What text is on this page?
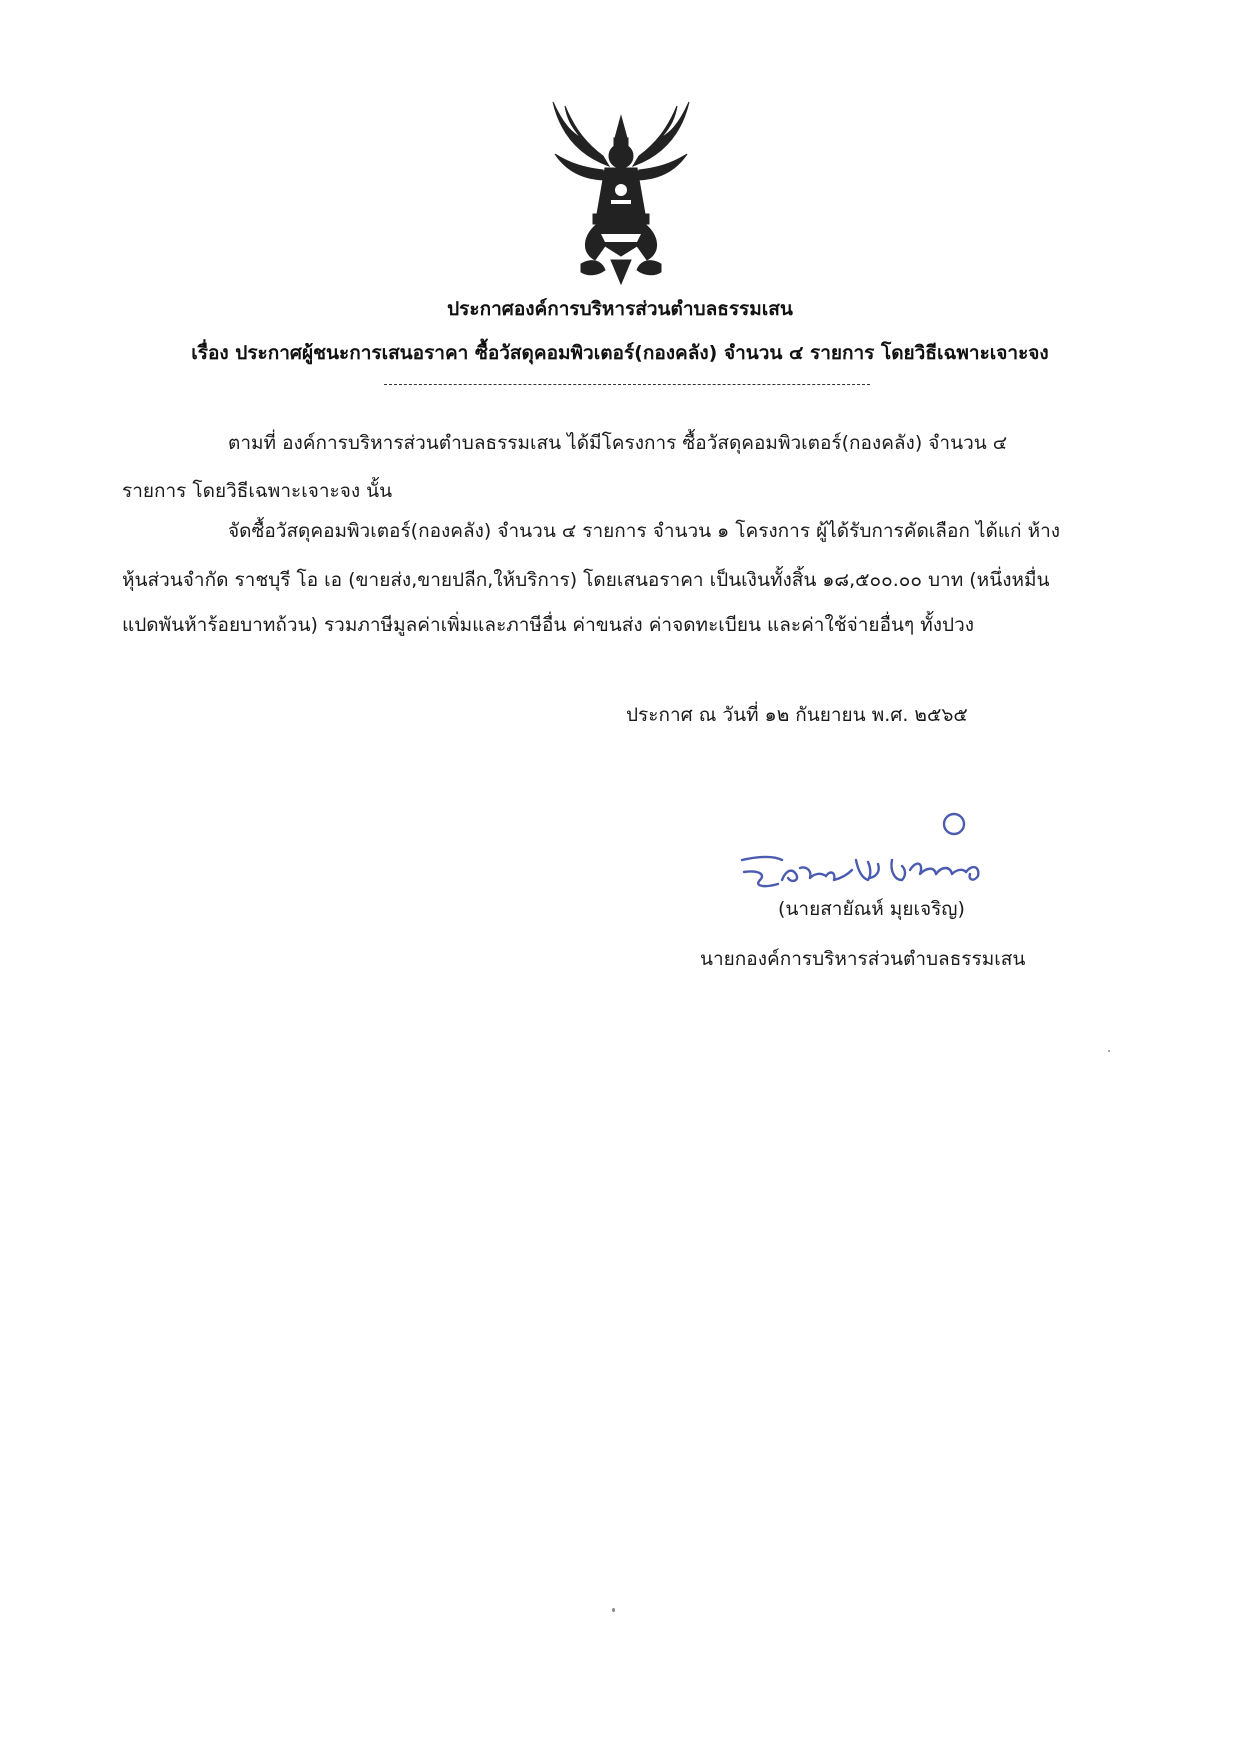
ประกาศองค์การบริหารส่วนตำบลธรรมเสน
เรื่อง ประกาศผู้ชนะการเสนอราคา ซื้อวัสดุคอมพิวเตอร์(กองคลัง) จำนวน ๔ รายการ โดยวิธีเฉพาะเจาะจง
ตามที่ องค์การบริหารส่วนตำบลธรรมเสน ได้มีโครงการ ซื้อวัสดุคอมพิวเตอร์(กองคลัง) จำนวน ๔
รายการ โดยวิธีเฉพาะเจาะจง นั้น
จัดซื้อวัสดุคอมพิวเตอร์(กองคลัง) จำนวน ๔ รายการ จำนวน ๑ โครงการ ผู้ได้รับการคัดเลือก ได้แก่ ห้าง
หุ้นส่วนจำกัด ราชบุรี โอ เอ (ขายส่ง,ขายปลีก,ให้บริการ) โดยเสนอราคา เป็นเงินทั้งสิ้น ๑๘,๕๐๐.๐๐ บาท (หนึ่งหมื่น
แปดพันห้าร้อยบาทถ้วน) รวมภาษีมูลค่าเพิ่มและภาษีอื่น ค่าขนส่ง ค่าจดทะเบียน และค่าใช้จ่ายอื่นๆ ทั้งปวง
ประกาศ ณ วันที่ ๑๒ กันยายน พ.ศ. ๒๕๖๕
(นายสายัณห์ มุยเจริญ)
นายกองค์การบริหารส่วนตำบลธรรมเสน
